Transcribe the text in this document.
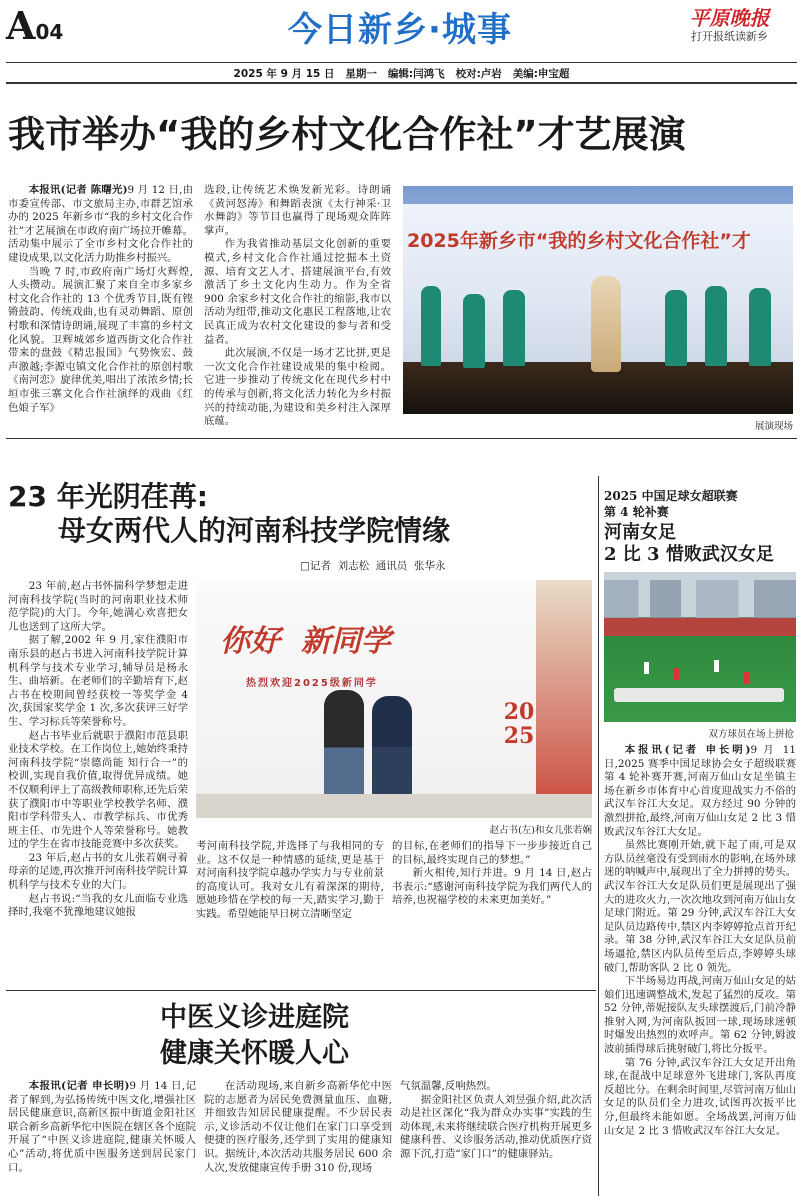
A04	今日新乡·城事	平原晚报
打开报纸读新乡
2025 年 9 月 15 日   星期一   编辑:闫鸿飞   校对:卢岩   美编:申宝超
我市举办“我的乡村文化合作社”才艺展演

本报讯(记者 陈曙光)9 月 12 日,由市委宣传部、市文旅局主办,市群艺馆承办的 2025 年新乡市“我的乡村文化合作社”才艺展演在市政府南广场拉开帷幕。活动集中展示了全市乡村文化合作社的建设成果,以文化活力助推乡村振兴。

当晚 7 时,市政府南广场灯火辉煌,人头攒动。展演汇聚了来自全市多家乡村文化合作社的 13 个优秀节目,既有铿锵鼓韵、传统戏曲,也有灵动舞蹈、原创村歌和深情诗朗诵,展现了丰富的乡村文化风貌。卫辉城郊乡道西街文化合作社带来的盘鼓《精忠报国》气势恢宏、鼓声激越;李源屯镇文化合作社的原创村歌《南河恋》旋律优美,唱出了浓浓乡情;长垣市张三寨文化合作社演绎的戏曲《红色娘子军》

选段,让传统艺术焕发新光彩。诗朗诵《黄河怒涛》和舞蹈表演《太行神采·卫水舞韵》等节目也赢得了现场观众阵阵掌声。

作为我省推动基层文化创新的重要模式,乡村文化合作社通过挖掘本土资源、培育文艺人才、搭建展演平台,有效激活了乡土文化内生动力。作为全省 900 余家乡村文化合作社的缩影,我市以活动为纽带,推动文化惠民工程落地,让农民真正成为农村文化建设的参与者和受益者。

此次展演,不仅是一场才艺比拼,更是一次文化合作社建设成果的集中检阅。它进一步推动了传统文化在现代乡村中的传承与创新,将文化活力转化为乡村振兴的持续动能,为建设和美乡村注入深厚底蕴。

2025年新乡市“我的乡村文化合作社”才
展演现场
23 年光阴荏苒:
母女两代人的河南科技学院情缘
□记者  刘志松  通讯员  张华永

23 年前,赵占书怀揣科学梦想走进河南科技学院(当时的河南职业技术师范学院)的大门。今年,她满心欢喜把女儿也送到了这所大学。

据了解,2002 年 9 月,家住濮阳市南乐县的赵占书进入河南科技学院计算机科学与技术专业学习,辅导员是杨永生、曲培新。在老师们的辛勤培育下,赵占书在校期间曾经获校一等奖学金 4 次,获国家奖学金 1 次,多次获评三好学生、学习标兵等荣誉称号。

赵占书毕业后就职于濮阳市范县职业技术学校。在工作岗位上,她始终秉持河南科技学院“崇德尚能 知行合一”的校训,实现自我价值,取得优异成绩。她不仅顺利评上了高级教师职称,还先后荣获了濮阳市中等职业学校教学名师、濮阳市学科带头人、市教学标兵、市优秀班主任、市先进个人等荣誉称号。她教过的学生在省市技能竞赛中多次获奖。

23 年后,赵占书的女儿张若娴寻着母亲的足迹,再次推开河南科技学院计算机科学与技术专业的大门。

赵占书说:“当我的女儿面临专业选择时,我毫不犹豫地建议她报

你好  新同学
热烈欢迎2025级新同学
20
25
赵占书(左)和女儿张若娴

考河南科技学院,并选择了与我相同的专业。这不仅是一种情感的延续,更是基于对河南科技学院卓越办学实力与专业前景的高度认可。我对女儿有着深深的期待,愿她珍惜在学校的每一天,踏实学习,勤于实践。希望她能早日树立清晰坚定

的目标,在老师们的指导下一步步接近自己的目标,最终实现自己的梦想。”

新火相传,知行并进。9 月 14 日,赵占书表示:“感谢河南科技学院为我们两代人的培养,也祝福学校的未来更加美好。”

2025 中国足球女超联赛
第 4 轮补赛
河南女足
2 比 3 惜败武汉女足
双方球员在场上拼抢

本报讯(记者 申长明)9 月 11 日,2025 赛季中国足球协会女子超级联赛第 4 轮补赛开赛,河南万仙山女足坐镇主场在新乡市体育中心首度迎战实力不俗的武汉车谷江大女足。双方经过 90 分钟的激烈拼抢,最终,河南万仙山女足 2 比 3 惜败武汉车谷江大女足。

虽然比赛刚开始,就下起了雨,可是双方队员丝毫没有受到雨水的影响,在场外球迷的呐喊声中,展现出了全力拼搏的势头。武汉车谷江大女足队员们更是展现出了强大的进攻火力,一次次地攻到河南万仙山女足球门附近。第 29 分钟,武汉车谷江大女足队员边路传中,禁区内李婷婷抢点首开纪录。第 38 分钟,武汉车谷江大女足队员前场逼抢,禁区内队员传至后点,李婷婷头球破门,帮助客队 2 比 0 领先。

下半场易边再战,河南万仙山女足的姑娘们迅速调整战术,发起了猛烈的反攻。第 52 分钟,蒂妮接队友头球摆渡后,门前冷静推射入网,为河南队扳回一球,现场球迷顿时爆发出热烈的欢呼声。第 62 分钟,姆波波前插得球后挑射破门,将比分扳平。

第 76 分钟,武汉车谷江大女足开出角球,在混战中足球意外飞进球门,客队再度反超比分。在剩余时间里,尽管河南万仙山女足的队员们全力进攻,试图再次扳平比分,但最终未能如愿。全场战罢,河南万仙山女足 2 比 3 惜败武汉车谷江大女足。

中医义诊进庭院
健康关怀暖人心

本报讯(记者 申长明)9 月 14 日,记者了解到,为弘扬传统中医文化,增强社区居民健康意识,高新区振中街道金阳社区联合新乡高新华佗中医院在辖区各个庭院开展了“中医义诊进庭院,健康关怀暖人心”活动,将优质中医服务送到居民家门口。

在活动现场,来自新乡高新华佗中医院的志愿者为居民免费测量血压、血糖,并细致告知居民健康提醒。不少居民表示,义诊活动不仅让他们在家门口享受到便捷的医疗服务,还学到了实用的健康知识。据统计,本次活动共服务居民 600 余人次,发放健康宣传手册 310 份,现场

气氛温馨,反响热烈。

据金阳社区负责人刘昱强介绍,此次活动是社区深化“我为群众办实事”实践的生动体现,未来将继续联合医疗机构开展更多健康科普、义诊服务活动,推动优质医疗资源下沉,打造“家门口”的健康驿站。
